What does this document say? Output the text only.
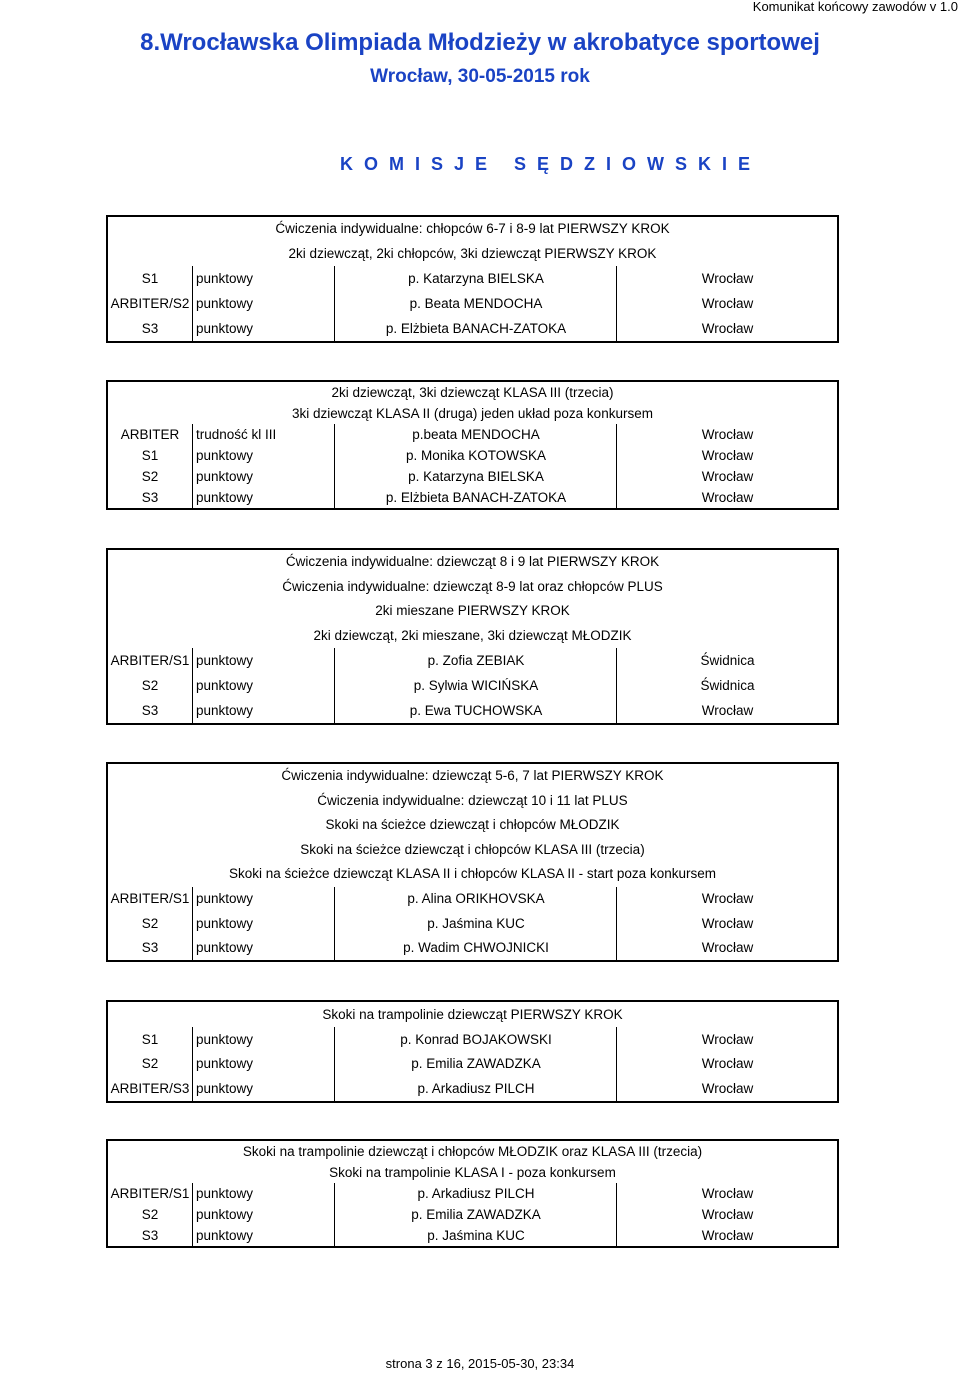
Komunikat końcowy zawodów v 1.0
8.Wrocławska Olimpiada Młodzieży w akrobatyce sportowej
Wrocław, 30-05-2015 rok
K O M I S J E   S Ę D Z I O W S K I E
Ćwiczenia indywidualne: chłopców 6-7 i 8-9 lat PIERWSZY KROK
2ki dziewcząt, 2ki chłopców, 3ki dziewcząt PIERWSZY KROK
S1	punktowy	p. Katarzyna BIELSKA	Wrocław
ARBITER/S2 punktowy	p. Beata MENDOCHA	Wrocław
S3	punktowy	p. Elżbieta BANACH-ZATOKA	Wrocław
2ki dziewcząt, 3ki dziewcząt KLASA III (trzecia)
3ki dziewcząt KLASA II (druga) jeden układ poza konkursem
ARBITER	trudność kl III	p.beata MENDOCHA	Wrocław
S1	punktowy	p. Monika KOTOWSKA	Wrocław
S2	punktowy	p. Katarzyna BIELSKA	Wrocław
S3	punktowy	p. Elżbieta BANACH-ZATOKA	Wrocław
Ćwiczenia indywidualne: dziewcząt 8 i 9 lat PIERWSZY KROK
Ćwiczenia indywidualne: dziewcząt 8-9 lat oraz chłopców PLUS
2ki mieszane PIERWSZY KROK
2ki dziewcząt, 2ki mieszane, 3ki dziewcząt MŁODZIK
ARBITER/S1 punktowy	p. Zofia ZEBIAK	Świdnica
S2	punktowy	p. Sylwia WICIŃSKA	Świdnica
S3	punktowy	p. Ewa TUCHOWSKA	Wrocław
Ćwiczenia indywidualne: dziewcząt 5-6, 7 lat PIERWSZY KROK
Ćwiczenia indywidualne: dziewcząt 10 i 11 lat PLUS
Skoki na ścieżce dziewcząt i chłopców MŁODZIK
Skoki na ścieżce dziewcząt i chłopców KLASA III (trzecia)
Skoki na ścieżce dziewcząt KLASA II i chłopców KLASA II - start poza konkursem
ARBITER/S1 punktowy	p. Alina ORIKHOVSKA	Wrocław
S2	punktowy	p. Jaśmina KUC	Wrocław
S3	punktowy	p. Wadim CHWOJNICKI	Wrocław
Skoki na trampolinie dziewcząt PIERWSZY KROK
S1	punktowy	p. Konrad BOJAKOWSKI	Wrocław
S2	punktowy	p. Emilia ZAWADZKA	Wrocław
ARBITER/S3 punktowy	p. Arkadiusz PILCH	Wrocław
Skoki na trampolinie dziewcząt i chłopców MŁODZIK oraz KLASA III (trzecia)
Skoki na trampolinie KLASA I - poza konkursem
ARBITER/S1 punktowy	p. Arkadiusz PILCH	Wrocław
S2	punktowy	p. Emilia ZAWADZKA	Wrocław
S3	punktowy	p. Jaśmina KUC	Wrocław
strona 3 z 16, 2015-05-30, 23:34
